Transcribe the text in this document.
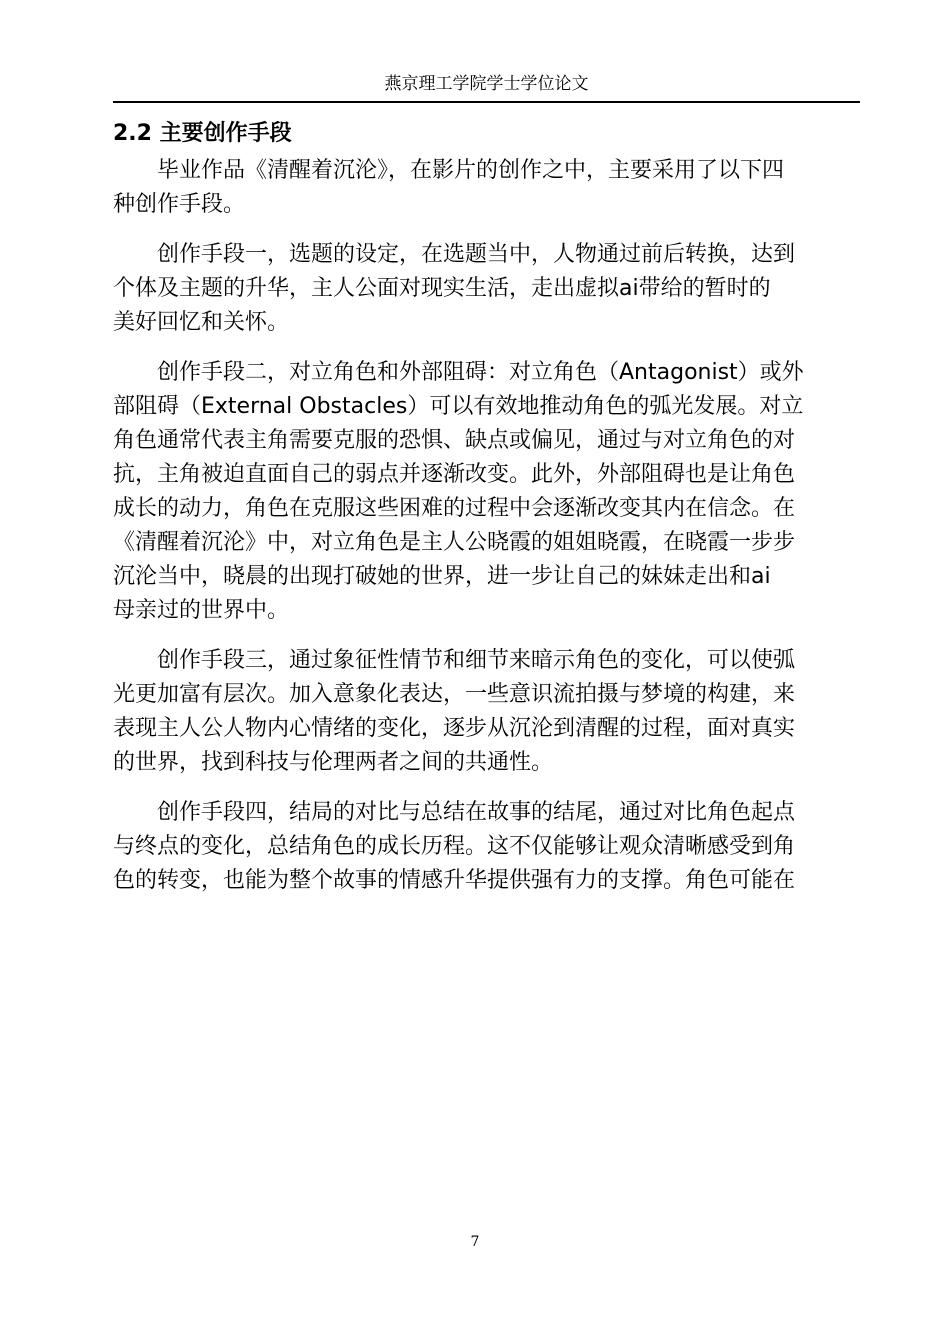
燕京理工学院学士学位论文
2.2 主要创作手段

　　毕业作品《清醒着沉沦》，在影片的创作之中，主要采用了以下四
种创作手段。

　　创作手段一，选题的设定，在选题当中，人物通过前后转换，达到
个体及主题的升华，主人公面对现实生活，走出虚拟ai带给的暂时的
美好回忆和关怀。

　　创作手段二，对立角色和外部阻碍：对立角色（Antagonist）或外
部阻碍（External Obstacles）可以有效地推动角色的弧光发展。对立
角色通常代表主角需要克服的恐惧、缺点或偏见，通过与对立角色的对
抗，主角被迫直面自己的弱点并逐渐改变。此外，外部阻碍也是让角色
成长的动力，角色在克服这些困难的过程中会逐渐改变其内在信念。在
《清醒着沉沦》中，对立角色是主人公晓霞的姐姐晓霞，在晓霞一步步
沉沦当中，晓晨的出现打破她的世界，进一步让自己的妹妹走出和ai
母亲过的世界中。

　　创作手段三，通过象征性情节和细节来暗示角色的变化，可以使弧
光更加富有层次。加入意象化表达，一些意识流拍摄与梦境的构建，来
表现主人公人物内心情绪的变化，逐步从沉沦到清醒的过程，面对真实
的世界，找到科技与伦理两者之间的共通性。

　　创作手段四，结局的对比与总结在故事的结尾，通过对比角色起点
与终点的变化，总结角色的成长历程。这不仅能够让观众清晰感受到角
色的转变，也能为整个故事的情感升华提供强有力的支撑。角色可能在

7
